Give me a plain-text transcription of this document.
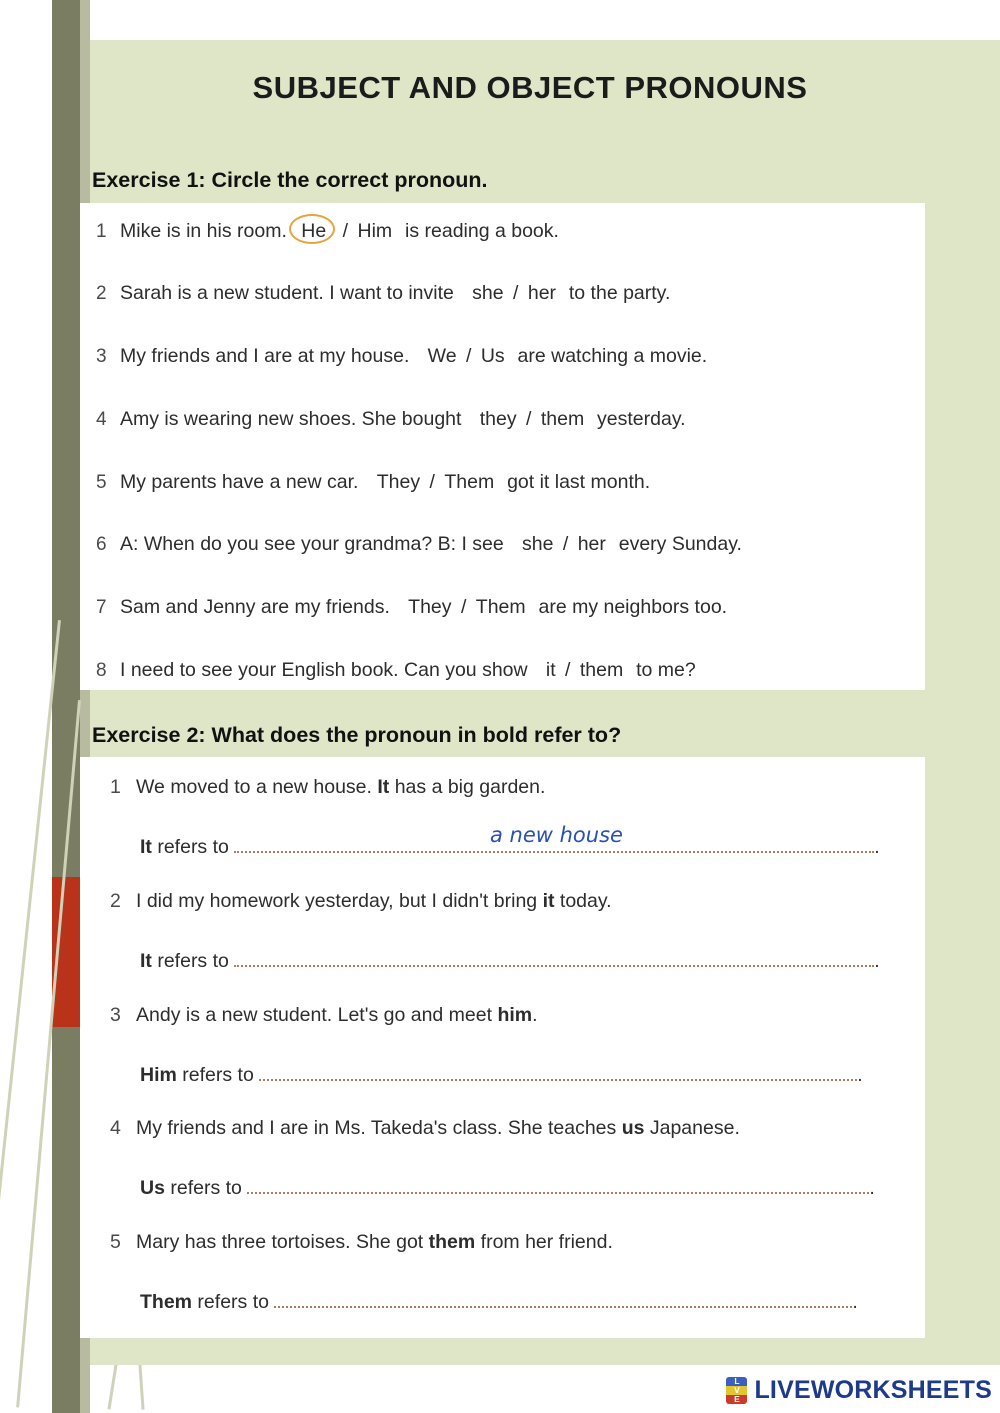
SUBJECT AND OBJECT PRONOUNS
Exercise 1: Circle the correct pronoun.
1 Mike is in his room. He / Him is reading a book.
2 Sarah is a new student. I want to invite she / her to the party.
3 My friends and I are at my house. We / Us are watching a movie.
4 Amy is wearing new shoes. She bought they / them yesterday.
5 My parents have a new car. They / Them got it last month.
6 A: When do you see your grandma? B: I see she / her every Sunday.
7 Sam and Jenny are my friends. They / Them are my neighbors too.
8 I need to see your English book. Can you show it / them to me?
Exercise 2: What does the pronoun in bold refer to?
1 We moved to a new house. It has a big garden.
It refers to	.
a new house
2 I did my homework yesterday, but I didn't bring it today.
It refers to	.
3 Andy is a new student. Let's go and meet him.
Him refers to	.
4 My friends and I are in Ms. Takeda's class. She teaches us Japanese.
Us refers to	.
5 Mary has three tortoises. She got them from her friend.
Them refers to	.
L
V
E LIVEWORKSHEETS
